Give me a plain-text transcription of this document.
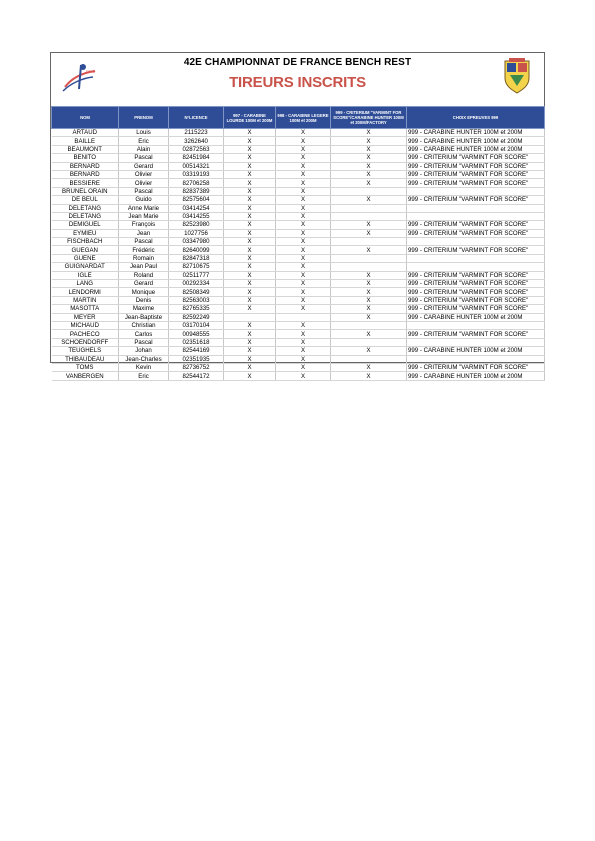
FFTir
42E CHAMPIONNAT DE FRANCE BENCH REST
TIREURS INSCRITS
NOM	PRENOM	N°LICENCE	997 - CARABINE LOURDE 100M et 200M	998 - CARABINE LEGERE 100M et 200M	999 - CRITERIUM "VARMINT FOR SCORE"/CARABINE HUNTER 100M et 200M/FACTORY	CHOIX EPREUVES 999
ARTAUD	Louis	2115223	X	X	X	999 - CARABINE HUNTER 100M et 200M
BAILLE	Eric	3262640	X	X	X	999 - CARABINE HUNTER 100M et 200M
BEAUMONT	Alain	02872563	X	X	X	999 - CARABINE HUNTER 100M et 200M
BENITO	Pascal	82451984	X	X	X	999 - CRITERIUM "VARMINT FOR SCORE"
BERNARD	Gerard	00514321	X	X	X	999 - CRITERIUM "VARMINT FOR SCORE"
BERNARD	Olivier	03319193	X	X	X	999 - CRITERIUM "VARMINT FOR SCORE"
BESSIERE	Olivier	82706258	X	X	X	999 - CRITERIUM "VARMINT FOR SCORE"
BRUNEL ORAIN	Pascal	82837389	X	X		
DE BEUL	Guido	82575604	X	X	X	999 - CRITERIUM "VARMINT FOR SCORE"
DELETANG	Anne Marie	03414254	X	X		
DELETANG	Jean Marie	03414255	X	X		
DEMIGUEL	François	82523980	X	X	X	999 - CRITERIUM "VARMINT FOR SCORE"
EYMIEU	Jean	1027756	X	X	X	999 - CRITERIUM "VARMINT FOR SCORE"
FISCHBACH	Pascal	03347980	X	X		
GUEGAN	Frédéric	82640099	X	X	X	999 - CRITERIUM "VARMINT FOR SCORE"
GUENE	Romain	82847318	X	X		
GUIGNARDAT	Jean Paul	82710675	X	X		
IGLE	Roland	02511777	X	X	X	999 - CRITERIUM "VARMINT FOR SCORE"
LANG	Gerard	00292334	X	X	X	999 - CRITERIUM "VARMINT FOR SCORE"
LENDORMI	Monique	82508349	X	X	X	999 - CRITERIUM "VARMINT FOR SCORE"
MARTIN	Denis	82563003	X	X	X	999 - CRITERIUM "VARMINT FOR SCORE"
MASOTTA	Maxime	82765335	X	X	X	999 - CRITERIUM "VARMINT FOR SCORE"
MEYER	Jean-Baptiste	82592249			X	999 - CARABINE HUNTER 100M et 200M
MICHAUD	Christian	03170104	X	X		
PACHECO	Carlos	00948555	X	X	X	999 - CRITERIUM "VARMINT FOR SCORE"
SCHOENDORFF	Pascal	02351618	X	X		
TEUGHELS	Johan	82544169	X	X	X	999 - CARABINE HUNTER 100M et 200M
THIBAUDEAU	Jean-Charles	02351935	X	X		
TOMS	Kevin	82736752	X	X	X	999 - CRITERIUM "VARMINT FOR SCORE"
VANBERGEN	Eric	82544172	X	X	X	999 - CARABINE HUNTER 100M et 200M
